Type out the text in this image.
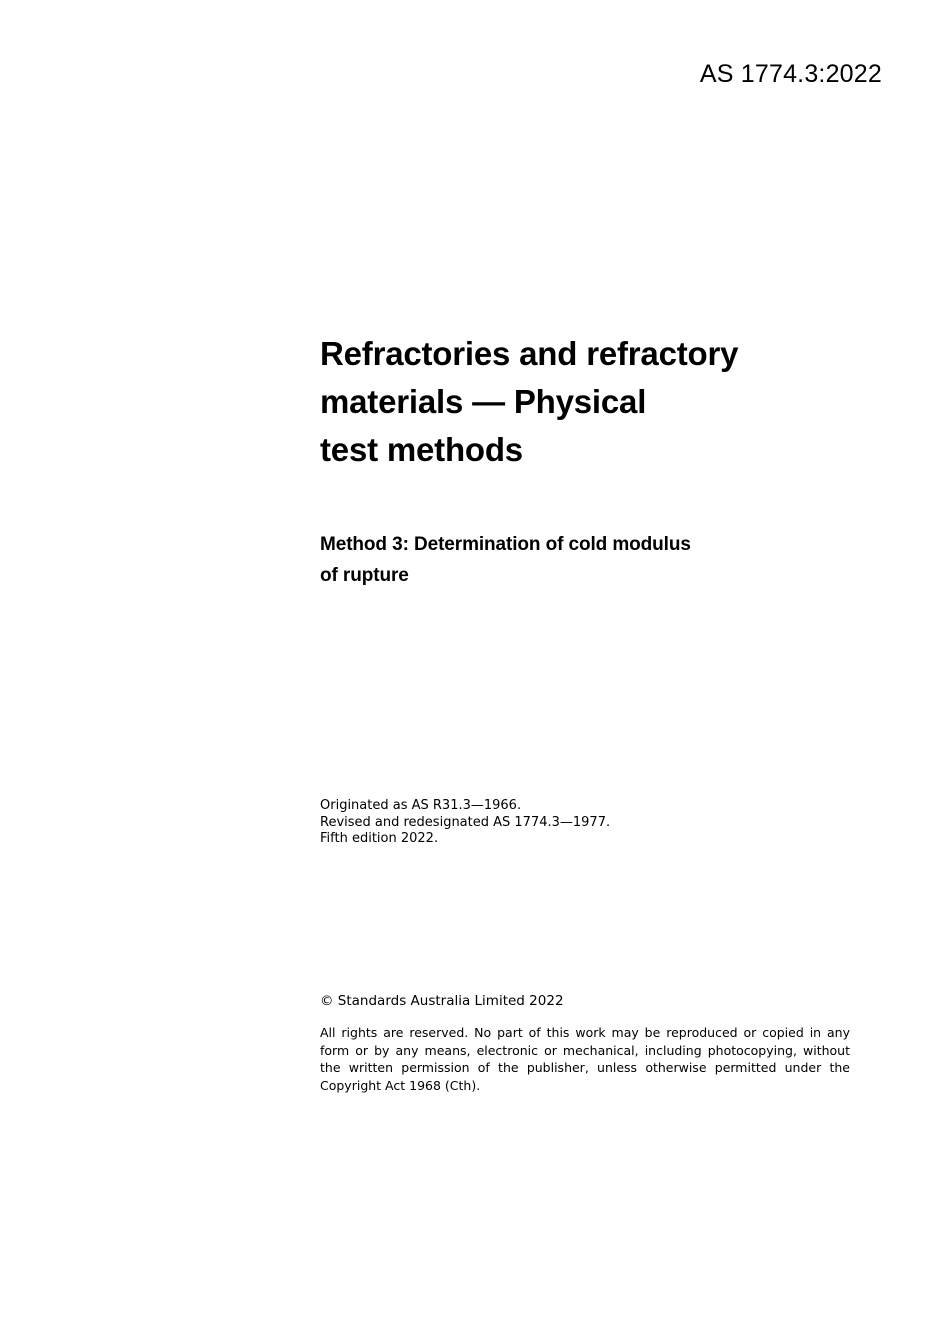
AS 1774.3:2022
Refractories and refractory
materials — Physical
test methods
Method 3: Determination of cold modulus
of rupture
Originated as AS R31.3—1966.
Revised and redesignated AS 1774.3—1977.
Fifth edition 2022.
© Standards Australia Limited 2022
All rights are reserved. No part of this work may be reproduced or copied in any form or by any means, electronic or mechanical, including photocopying, without the written permission of the publisher, unless otherwise permitted under the Copyright Act 1968 (Cth).
